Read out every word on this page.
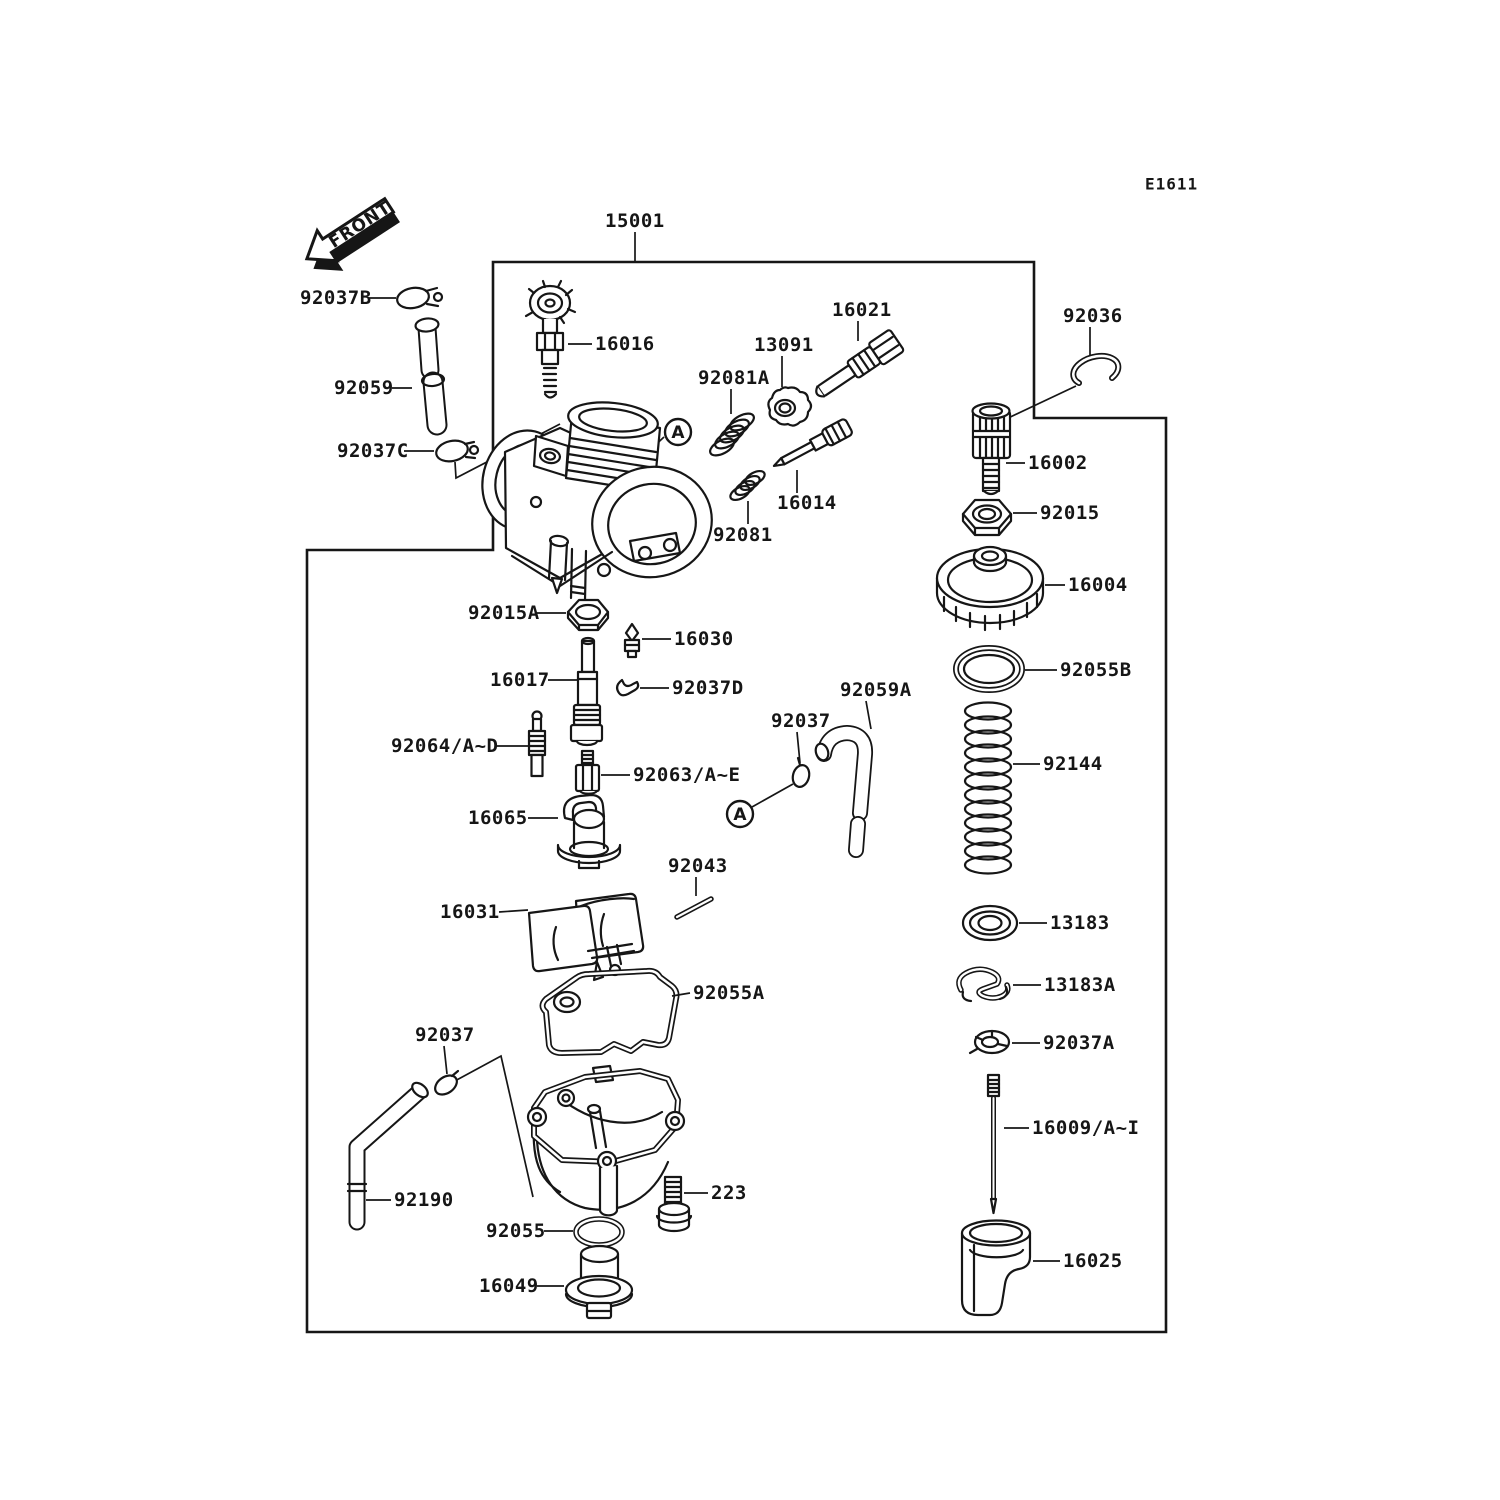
E1611
FRONT	15001
92037B
92059
92037C
16016
92081A
13091
16021
16014
92081
92036
16002
92015
16004
92015A
16030
16017	92037D
92064/A~D
92063/A~E
16065
92043
16031
92055A
92037
92190
92055
16049
223
92037
92059A
92055B
92144
13183
13183A
92037A
16009/A~I
16025
A
A
